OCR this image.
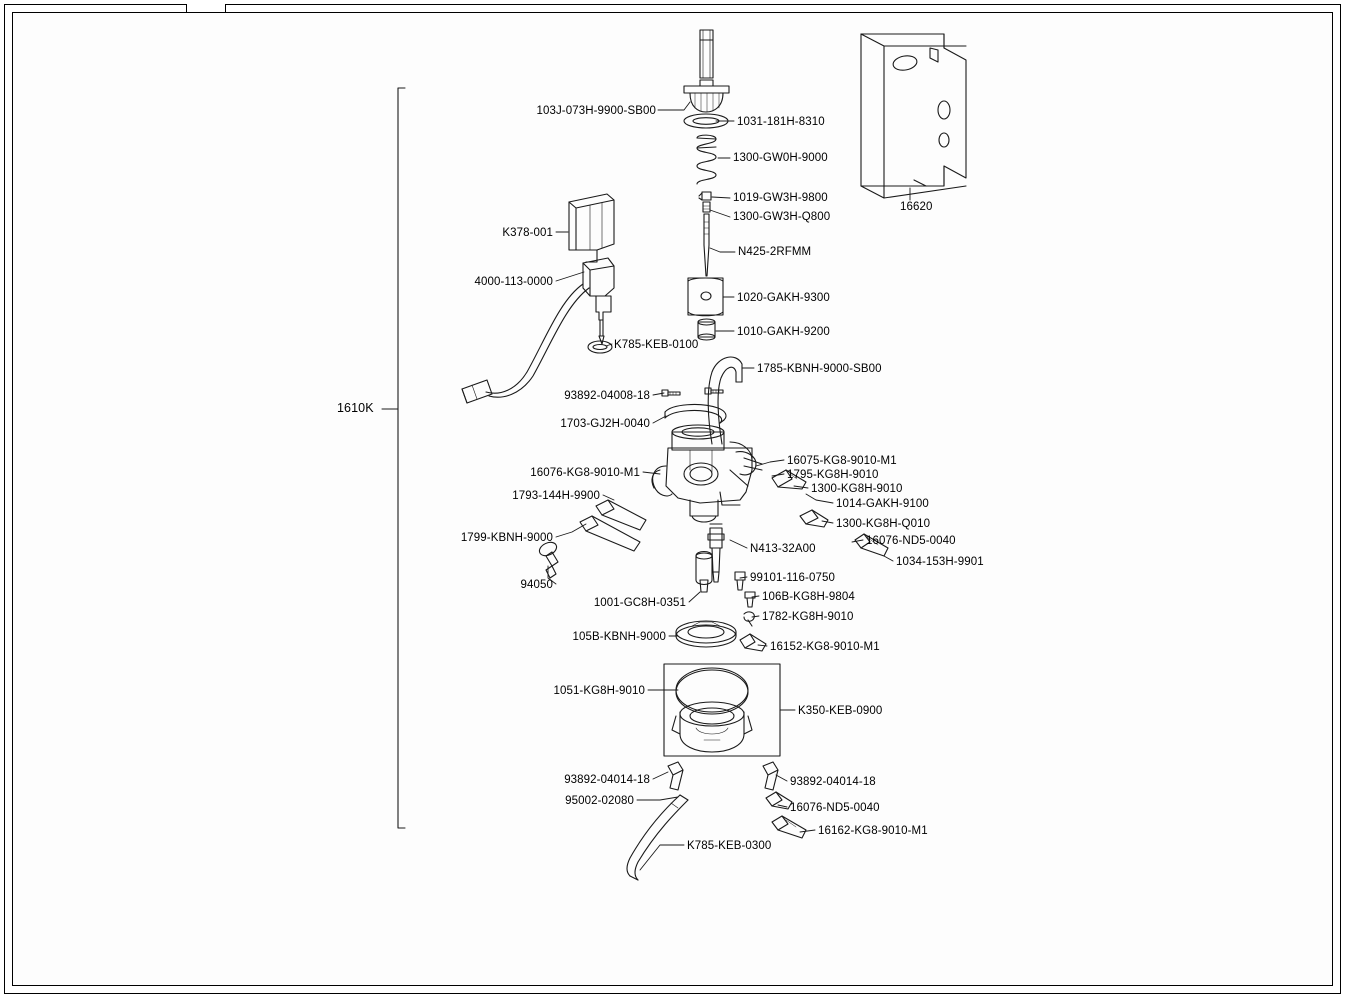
103J-073H-9900-SB00
1031-181H-8310
1300-GW0H-9000
1019-GW3H-9800
1300-GW3H-Q800
N425-2RFMM
1020-GAKH-9300
1010-GAKH-9200
16620
K378-001
4000-113-0000
K785-KEB-0100
1785-KBNH-9000-SB00
93892-04008-18
1703-GJ2H-0040
16075-KG8-9010-M1
1795-KG8H-9010
1300-KG8H-9010
1014-GAKH-9100
1300-KG8H-Q010
16076-KG8-9010-M1
1793-144H-9900
1799-KBNH-9000
94050
16076-ND5-0040
1034-153H-9901
N413-32A00
99101-116-0750
106B-KG8H-9804
1782-KG8H-9010
1001-GC8H-0351
105B-KBNH-9000
16152-KG8-9010-M1
1051-KG8H-9010
K350-KEB-0900
93892-04014-18	93892-04014-18
95002-02080
16076-ND5-0040
K785-KEB-0300
16162-KG8-9010-M1
1610K
